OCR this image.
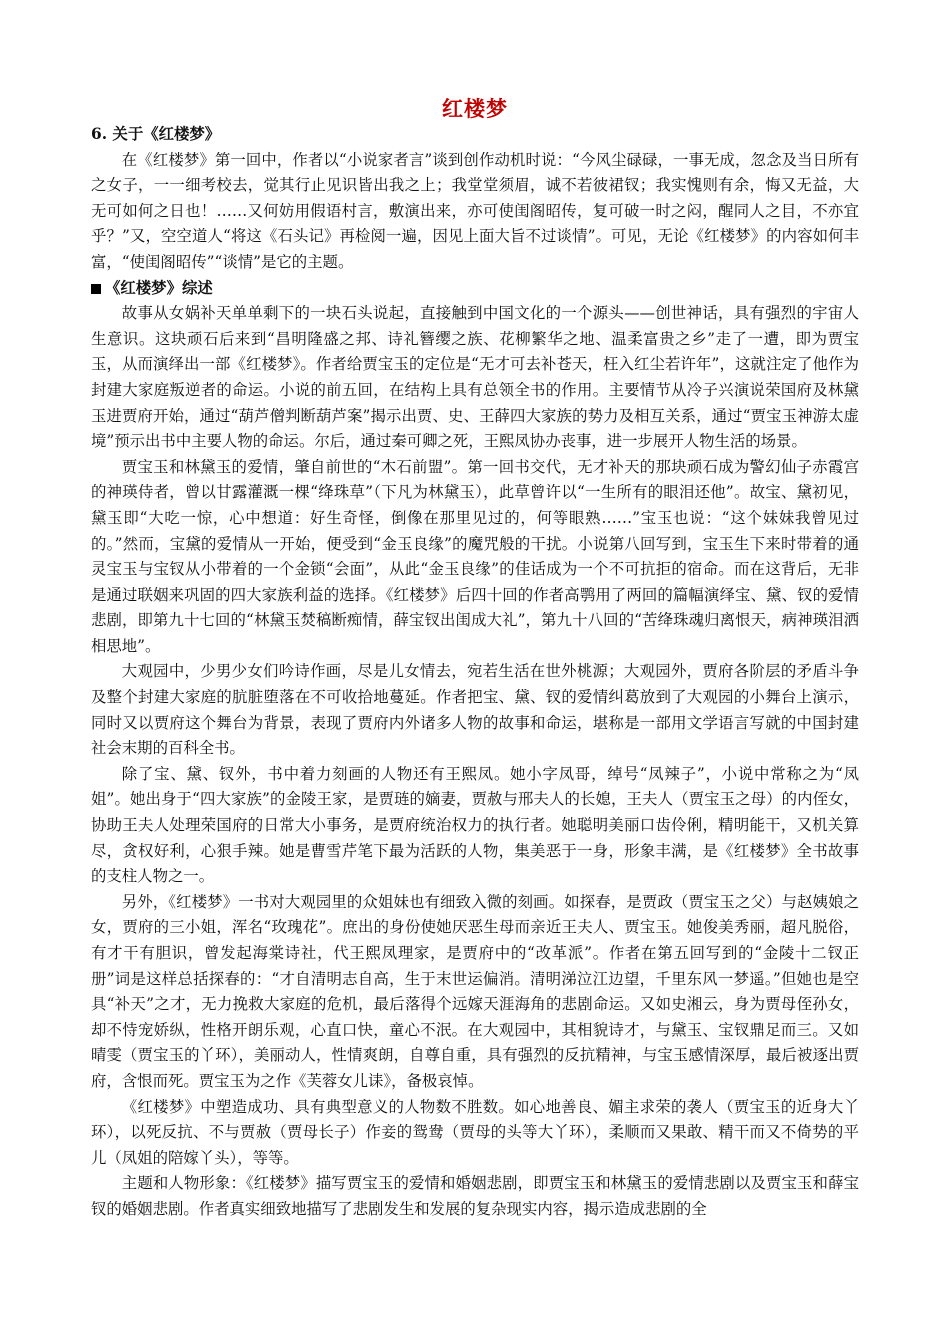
红楼梦

6. 关于《红楼梦》

在《红楼梦》第一回中，作者以“小说家者言”谈到创作动机时说：“今风尘碌碌，一事无成，忽念及当日所有之女子，一一细考校去，觉其行止见识皆出我之上；我堂堂须眉，诚不若彼裙钗；我实愧则有余，悔又无益，大无可如何之日也！……又何妨用假语村言，敷演出来，亦可使闺阁昭传，复可破一时之闷，醒同人之目，不亦宜乎？”又，空空道人“将这《石头记》再检阅一遍，因见上面大旨不过谈情”。可见，无论《红楼梦》的内容如何丰富，“使闺阁昭传”“谈情”是它的主题。

《红楼梦》综述

故事从女娲补天单单剩下的一块石头说起，直接触到中国文化的一个源头——创世神话，具有强烈的宇宙人生意识。这块顽石后来到“昌明隆盛之邦、诗礼簪缨之族、花柳繁华之地、温柔富贵之乡”走了一遭，即为贾宝玉，从而演绎出一部《红楼梦》。作者给贾宝玉的定位是“无才可去补苍天，枉入红尘若许年”，这就注定了他作为封建大家庭叛逆者的命运。小说的前五回，在结构上具有总领全书的作用。主要情节从冷子兴演说荣国府及林黛玉进贾府开始，通过“葫芦僧判断葫芦案”揭示出贾、史、王薛四大家族的势力及相互关系，通过“贾宝玉神游太虚境”预示出书中主要人物的命运。尔后，通过秦可卿之死，王熙凤协办丧事，进一步展开人物生活的场景。

贾宝玉和林黛玉的爱情，肇自前世的“木石前盟”。第一回书交代，无才补天的那块顽石成为警幻仙子赤霞宫的神瑛侍者，曾以甘露灌溉一棵“绛珠草”（下凡为林黛玉），此草曾许以“一生所有的眼泪还他”。故宝、黛初见，黛玉即“大吃一惊，心中想道：好生奇怪，倒像在那里见过的，何等眼熟……”宝玉也说：“这个妹妹我曾见过的。”然而，宝黛的爱情从一开始，便受到“金玉良缘”的魔咒般的干扰。小说第八回写到，宝玉生下来时带着的通灵宝玉与宝钗从小带着的一个金锁“会面”，从此“金玉良缘”的佳话成为一个不可抗拒的宿命。而在这背后，无非是通过联姻来巩固的四大家族利益的选择。《红楼梦》后四十回的作者高鹗用了两回的篇幅演绎宝、黛、钗的爱情悲剧，即第九十七回的“林黛玉焚稿断痴情，薛宝钗出闺成大礼”，第九十八回的“苦绛珠魂归离恨天，病神瑛泪洒相思地”。

大观园中，少男少女们吟诗作画，尽是儿女情去，宛若生活在世外桃源；大观园外，贾府各阶层的矛盾斗争及整个封建大家庭的肮脏堕落在不可收拾地蔓延。作者把宝、黛、钗的爱情纠葛放到了大观园的小舞台上演示，同时又以贾府这个舞台为背景，表现了贾府内外诸多人物的故事和命运，堪称是一部用文学语言写就的中国封建社会末期的百科全书。

除了宝、黛、钗外，书中着力刻画的人物还有王熙凤。她小字凤哥，绰号“凤辣子”，小说中常称之为“凤姐”。她出身于“四大家族”的金陵王家，是贾琏的嫡妻，贾赦与邢夫人的长媳，王夫人（贾宝玉之母）的内侄女，协助王夫人处理荣国府的日常大小事务，是贾府统治权力的执行者。她聪明美丽口齿伶俐，精明能干，又机关算尽，贪权好利，心狠手辣。她是曹雪芹笔下最为活跃的人物，集美恶于一身，形象丰满，是《红楼梦》全书故事的支柱人物之一。

另外，《红楼梦》一书对大观园里的众姐妹也有细致入微的刻画。如探春，是贾政（贾宝玉之父）与赵姨娘之女，贾府的三小姐，浑名“玫瑰花”。庶出的身份使她厌恶生母而亲近王夫人、贾宝玉。她俊美秀丽，超凡脱俗，有才干有胆识，曾发起海棠诗社，代王熙凤理家，是贾府中的“改革派”。作者在第五回写到的“金陵十二钗正册”词是这样总括探春的：“才自清明志自高，生于末世运偏消。清明涕泣江边望，千里东风一梦遥。”但她也是空具“补天”之才，无力挽救大家庭的危机，最后落得个远嫁天涯海角的悲剧命运。又如史湘云，身为贾母侄孙女，却不恃宠娇纵，性格开朗乐观，心直口快，童心不泯。在大观园中，其相貌诗才，与黛玉、宝钗鼎足而三。又如晴雯（贾宝玉的丫环），美丽动人，性情爽朗，自尊自重，具有强烈的反抗精神，与宝玉感情深厚，最后被逐出贾府，含恨而死。贾宝玉为之作《芙蓉女儿诔》，备极哀悼。

《红楼梦》中塑造成功、具有典型意义的人物数不胜数。如心地善良、媚主求荣的袭人（贾宝玉的近身大丫环），以死反抗、不与贾赦（贾母长子）作妾的鸳鸯（贾母的头等大丫环），柔顺而又果敢、精干而又不倚势的平儿（凤姐的陪嫁丫头），等等。

主题和人物形象：《红楼梦》描写贾宝玉的爱情和婚姻悲剧，即贾宝玉和林黛玉的爱情悲剧以及贾宝玉和薛宝钗的婚姻悲剧。作者真实细致地描写了悲剧发生和发展的复杂现实内容，揭示造成悲剧的全
